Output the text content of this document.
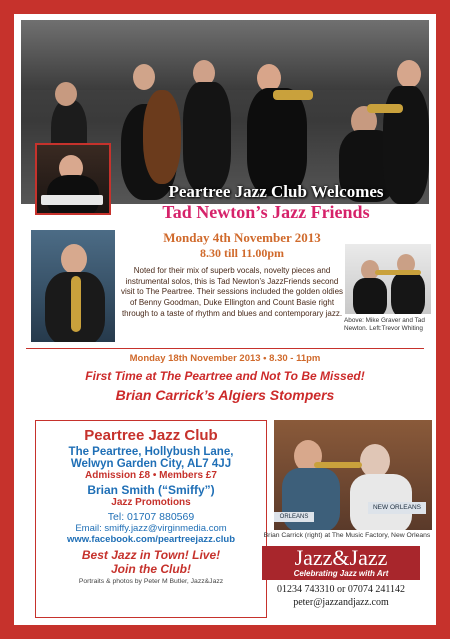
Peartree Jazz Club Welcomes
Tad Newton’s Jazz Friends
Monday 4th November 2013
8.30 till 11.00pm
Noted for their mix of superb vocals, novelty pieces and instrumental solos, this is Tad Newton’s JazzFriends second visit to The Peartree. Their sessions included the golden oldies of Benny Goodman, Duke Ellington and Count Basie right through to a taste of rhythm and blues and contemporary jazz.
Above: Mike Graver and Tad Newton. Left:Trevor Whiting
Monday 18th November 2013 • 8.30 - 11pm
First Time at The Peartree and Not To Be Missed!
Brian Carrick’s Algiers Stompers
Peartree Jazz Club
The Peartree, Hollybush Lane,
Welwyn Garden City, AL7 4JJ
Admission £8 • Members £7
Brian Smith (“Smiffy”)
Jazz Promotions
Tel: 01707 880569
Email: smiffy.jazz@virginmedia.com
www.facebook.com/peartreejazz.club
Best Jazz in Town! Live!
Join the Club!
Portraits & photos by Peter M Butler, Jazz&Jazz
NEW ORLEANS
ORLEANS
Brian Carrick (right) at The Music Factory, New Orleans
Jazz&Jazz
Celebrating Jazz with Art
01234 743310 or 07074 241142
peter@jazzandjazz.com
